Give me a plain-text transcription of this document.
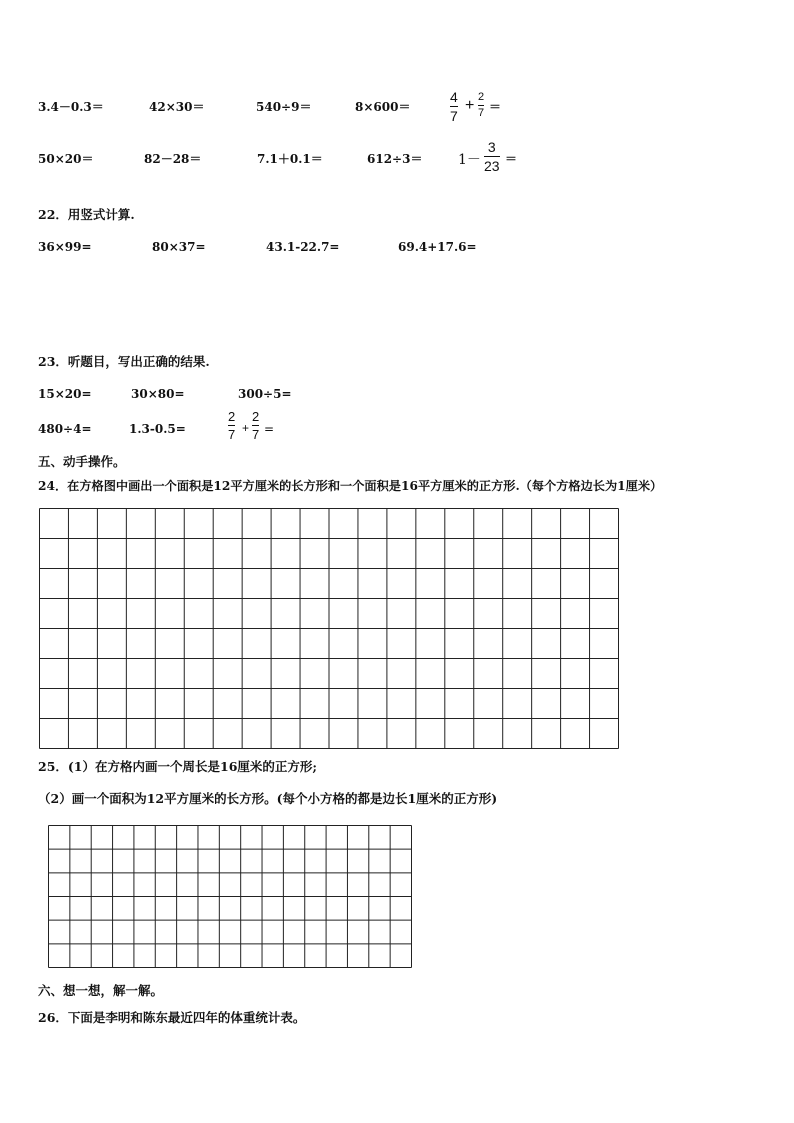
3.4－0.3＝	42×30＝	540÷9＝	8×600＝
4
7
+ 2
7 ＝
50×20＝	82－28＝	7.1＋0.1＝	612÷3＝	1－
3
23 ＝
22．用竖式计算.
36×99=	80×37=	43.1-22.7=	69.4+17.6=
23．听题目，写出正确的结果.
15×20=	30×80=	300÷5=
480÷4=	1.3-0.5=
2
7 +
2
7 =
五、动手操作。
24．在方格图中画出一个面积是12平方厘米的长方形和一个面积是16平方厘米的正方形.（每个方格边长为1厘米）
25．(1）在方格内画一个周长是16厘米的正方形;
（2）画一个面积为12平方厘米的长方形。(每个小方格的都是边长1厘米的正方形)
六、想一想，解一解。
26．下面是李明和陈东最近四年的体重统计表。
